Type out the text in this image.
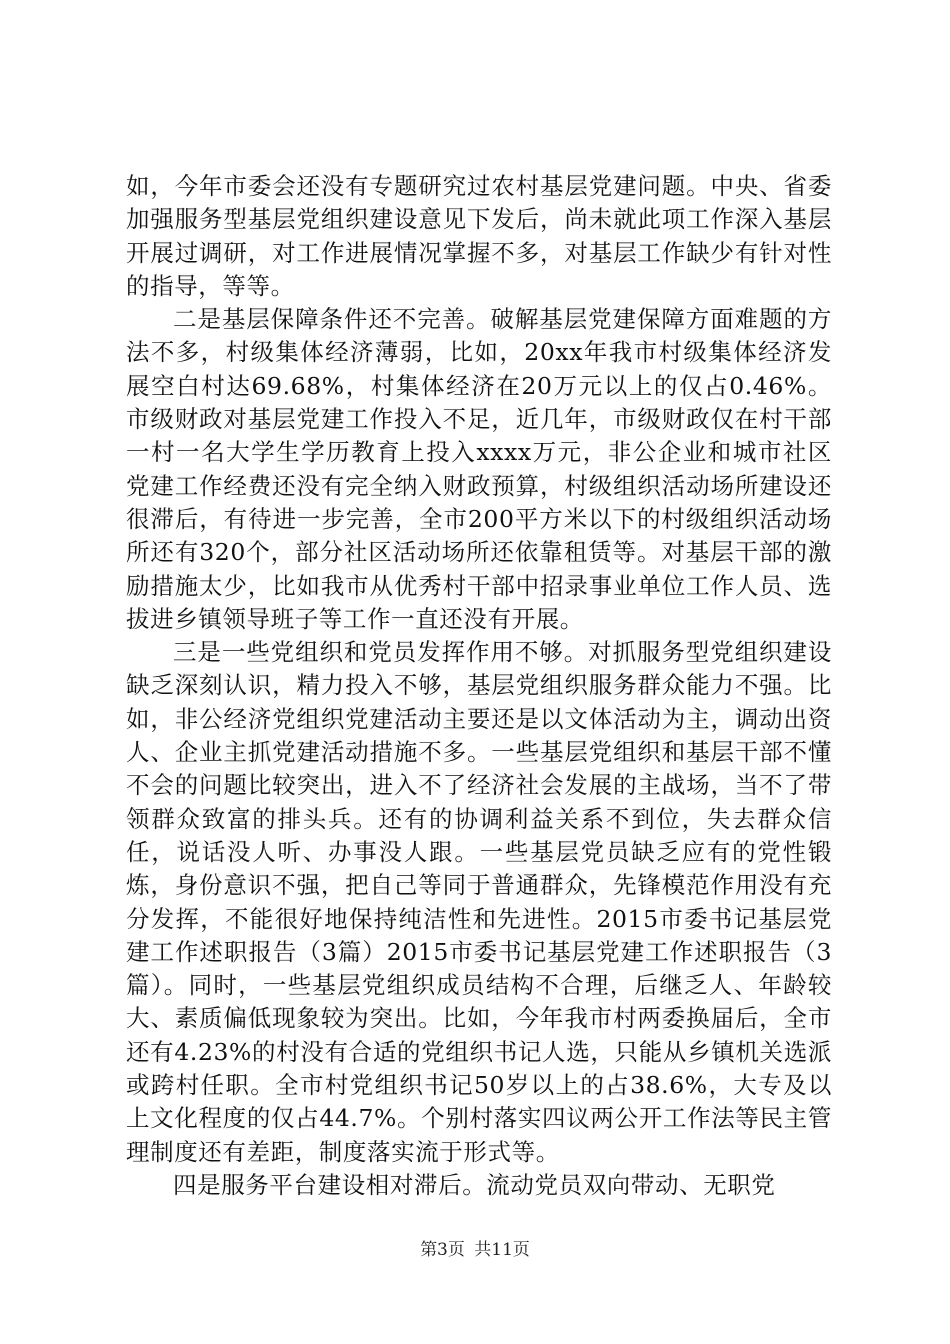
如，今年市委会还没有专题研究过农村基层党建问题。中央、省委加强服务型基层党组织建设意见下发后，尚未就此项工作深入基层开展过调研，对工作进展情况掌握不多，对基层工作缺少有针对性的指导，等等。

二是基层保障条件还不完善。破解基层党建保障方面难题的方法不多，村级集体经济薄弱，比如，20xx年我市村级集体经济发展空白村达69.68%，村集体经济在20万元以上的仅占0.46%。市级财政对基层党建工作投入不足，近几年，市级财政仅在村干部一村一名大学生学历教育上投入xxxx万元，非公企业和城市社区党建工作经费还没有完全纳入财政预算，村级组织活动场所建设还很滞后，有待进一步完善，全市200平方米以下的村级组织活动场所还有320个，部分社区活动场所还依靠租赁等。对基层干部的激励措施太少，比如我市从优秀村干部中招录事业单位工作人员、选拔进乡镇领导班子等工作一直还没有开展。

三是一些党组织和党员发挥作用不够。对抓服务型党组织建设缺乏深刻认识，精力投入不够，基层党组织服务群众能力不强。比如，非公经济党组织党建活动主要还是以文体活动为主，调动出资人、企业主抓党建活动措施不多。一些基层党组织和基层干部不懂不会的问题比较突出，进入不了经济社会发展的主战场，当不了带领群众致富的排头兵。还有的协调利益关系不到位，失去群众信任，说话没人听、办事没人跟。一些基层党员缺乏应有的党性锻炼，身份意识不强，把自己等同于普通群众，先锋模范作用没有充分发挥，不能很好地保持纯洁性和先进性。2015市委书记基层党建工作述职报告（3篇）2015市委书记基层党建工作述职报告（3篇）。同时，一些基层党组织成员结构不合理，后继乏人、年龄较大、素质偏低现象较为突出。比如，今年我市村两委换届后，全市还有4.23%的村没有合适的党组织书记人选，只能从乡镇机关选派或跨村任职。全市村党组织书记50岁以上的占38.6%，大专及以上文化程度的仅占44.7%。个别村落实四议两公开工作法等民主管理制度还有差距，制度落实流于形式等。

四是服务平台建设相对滞后。流动党员双向带动、无职党

第3页 共11页
